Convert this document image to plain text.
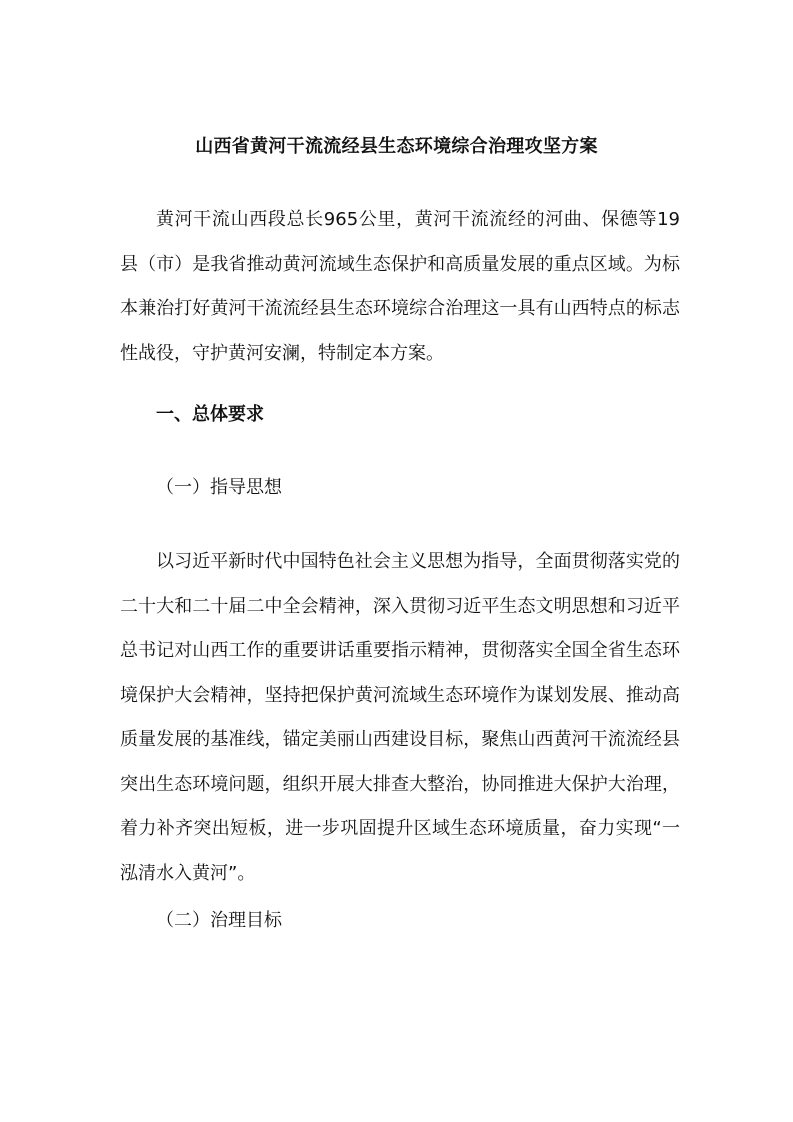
山西省黄河干流流经县生态环境综合治理攻坚方案

黄河干流山西段总长965公里，黄河干流流经的河曲、保德等19县（市）是我省推动黄河流域生态保护和高质量发展的重点区域。为标本兼治打好黄河干流流经县生态环境综合治理这一具有山西特点的标志性战役，守护黄河安澜，特制定本方案。

一、总体要求
（一）指导思想

以习近平新时代中国特色社会主义思想为指导，全面贯彻落实党的二十大和二十届二中全会精神，深入贯彻习近平生态文明思想和习近平总书记对山西工作的重要讲话重要指示精神，贯彻落实全国全省生态环境保护大会精神，坚持把保护黄河流域生态环境作为谋划发展、推动高质量发展的基准线，锚定美丽山西建设目标，聚焦山西黄河干流流经县突出生态环境问题，组织开展大排查大整治，协同推进大保护大治理，着力补齐突出短板，进一步巩固提升区域生态环境质量，奋力实现“一泓清水入黄河”。

（二）治理目标
